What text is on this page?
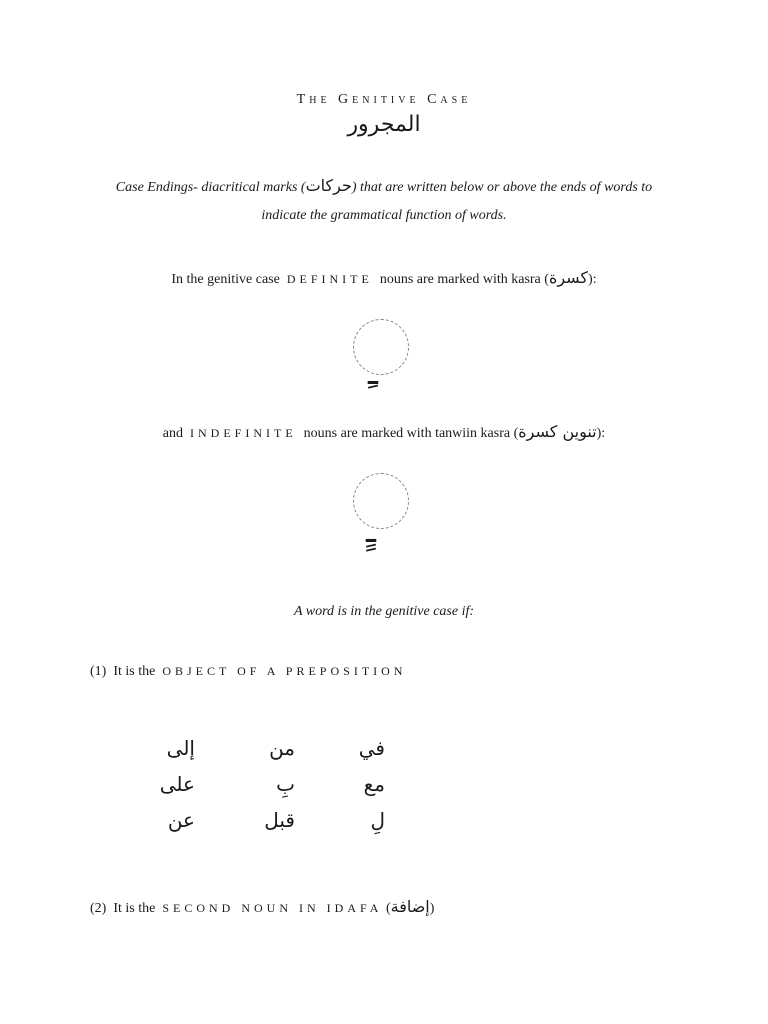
The Genitive Case
المجرور
Case Endings- diacritical marks (حركات) that are written below or above the ends of words to
indicate the grammatical function of words.
In the genitive case DEFINITE nouns are marked with kasra (كسرة):
ـِ
and INDEFINITE nouns are marked with tanwiin kasra (تنوين كسرة):
ـٍ
A word is in the genitive case if:
(1) It is the OBJECT OF A PREPOSITION
في
من
إلى
مع
بِ
على
لِ
قبل
عن
(2) It is the SECOND NOUN IN IDAFA (إضافة)
